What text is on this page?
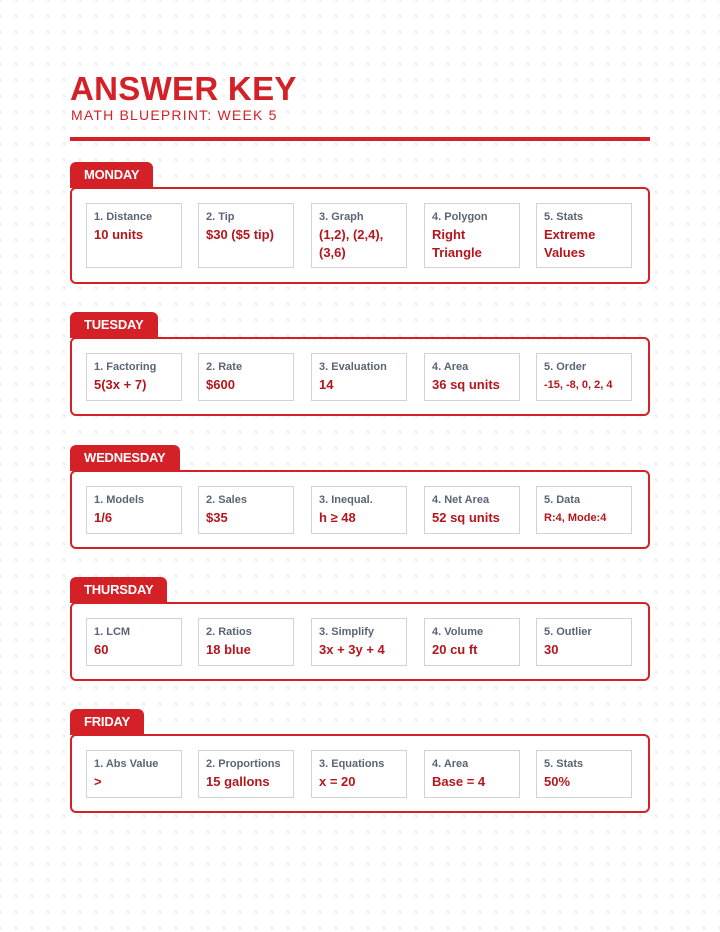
ANSWER KEY
MATH BLUEPRINT: WEEK 5
MONDAY
1. Distance
10 units
2. Tip
$30 ($5 tip)
3. Graph
(1,2), (2,4), (3,6)
4. Polygon
Right Triangle
5. Stats
Extreme Values
TUESDAY
1. Factoring
5(3x + 7)
2. Rate
$600
3. Evaluation
14
4. Area
36 sq units
5. Order
-15, -8, 0, 2, 4
WEDNESDAY
1. Models
1/6
2. Sales
$35
3. Inequal.
h ≥ 48
4. Net Area
52 sq units
5. Data
R:4, Mode:4
THURSDAY
1. LCM
60
2. Ratios
18 blue
3. Simplify
3x + 3y + 4
4. Volume
20 cu ft
5. Outlier
30
FRIDAY
1. Abs Value
>
2. Proportions
15 gallons
3. Equations
x = 20
4. Area
Base = 4
5. Stats
50%
